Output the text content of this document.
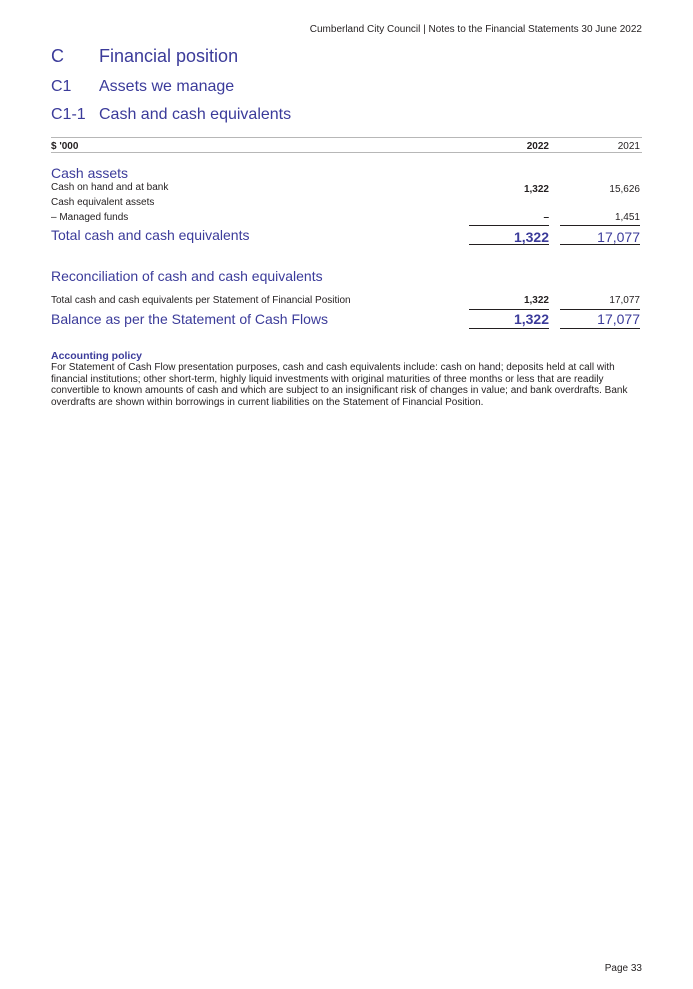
Cumberland City Council | Notes to the Financial Statements 30 June 2022
C	Financial position
C1	Assets we manage
C1-1 Cash and cash equivalents
$ '000	2022	2021
Cash assets
Cash on hand and at bank	1,322	15,626
Cash equivalent assets
– Managed funds	–	1,451
Total cash and cash equivalents	1,322	17,077
Reconciliation of cash and cash equivalents
Total cash and cash equivalents per Statement of Financial Position	1,322	17,077
Balance as per the Statement of Cash Flows	1,322	17,077
Accounting policy
For Statement of Cash Flow presentation purposes, cash and cash equivalents include: cash on hand; deposits held at call with financial institutions; other short-term, highly liquid investments with original maturities of three months or less that are readily convertible to known amounts of cash and which are subject to an insignificant risk of changes in value; and bank overdrafts. Bank overdrafts are shown within borrowings in current liabilities on the Statement of Financial Position.
Page 33
